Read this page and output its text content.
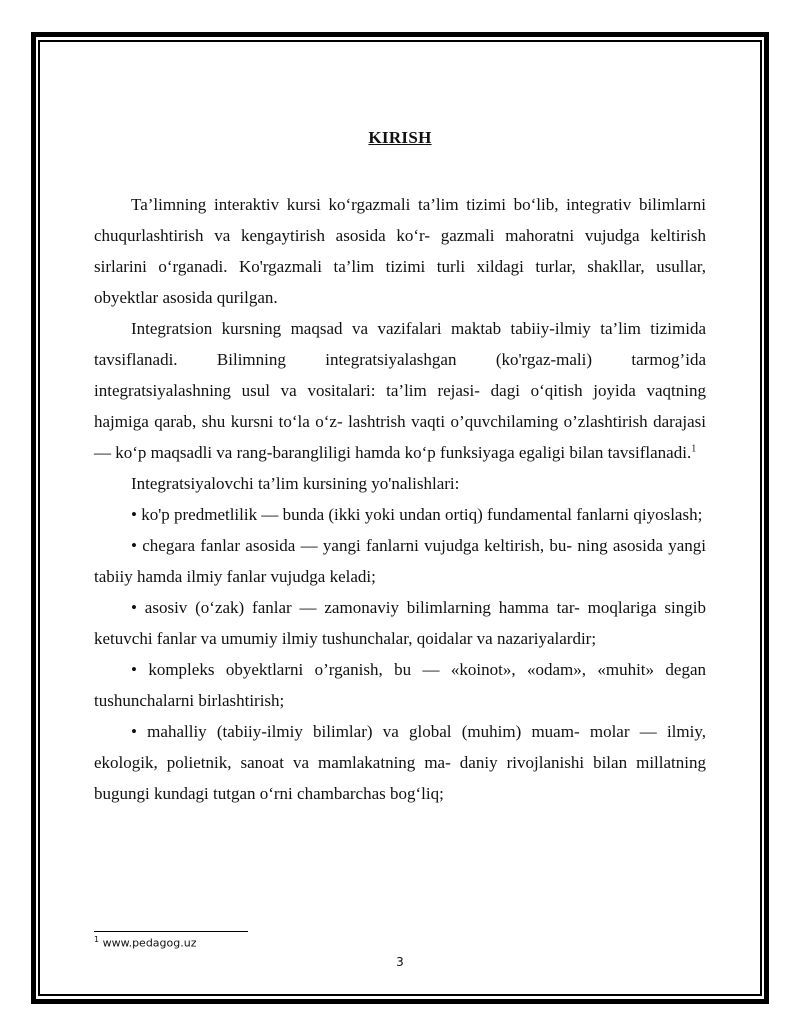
KIRISH

Ta’limning interaktiv kursi ko‘rgazmali ta’lim tizimi bo‘lib, integrativ bilimlarni chuqurlashtirish va kengaytirish asosida ko‘r- gazmali mahoratni vujudga keltirish sirlarini o‘rganadi. Ko'rgazmali ta’lim tizimi turli xildagi turlar, shakllar, usullar, obyektlar asosida qurilgan.

Integratsion kursning maqsad va vazifalari maktab tabiiy-ilmiy ta’lim tizimida tavsiflanadi. Bilimning integratsiyalashgan (ko'rgaz-mali) tarmog’ida integratsiyalashning usul va vositalari: ta’lim rejasi- dagi o‘qitish joyida vaqtning hajmiga qarab, shu kursni to‘la o‘z- lashtrish vaqti o’quvchilaming o’zlashtirish darajasi — ko‘p maqsadli va rang-barangliligi hamda ko‘p funksiyaga egaligi bilan tavsiflanadi.$^1$

Integratsiyalovchi ta’lim kursining yo'nalishlari:

• ko'p predmetlilik — bunda (ikki yoki undan ortiq) fundamental fanlarni qiyoslash;

• chegara fanlar asosida — yangi fanlarni vujudga keltirish, bu- ning asosida yangi tabiiy hamda ilmiy fanlar vujudga keladi;

• asosiv (o‘zak) fanlar — zamonaviy bilimlarning hamma tar- moqlariga singib ketuvchi fanlar va umumiy ilmiy tushunchalar, qoidalar va nazariyalardir;

• kompleks obyektlarni o’rganish, bu — «koinot», «odam», «muhit» degan tushunchalarni birlashtirish;

• mahalliy (tabiiy-ilmiy bilimlar) va global (muhim) muam- molar — ilmiy, ekologik, polietnik, sanoat va mamlakatning ma- daniy rivojlanishi bilan millatning bugungi kundagi tutgan o‘rni chambarchas bog‘liq;

$^1$ www.pedagog.uz
3
